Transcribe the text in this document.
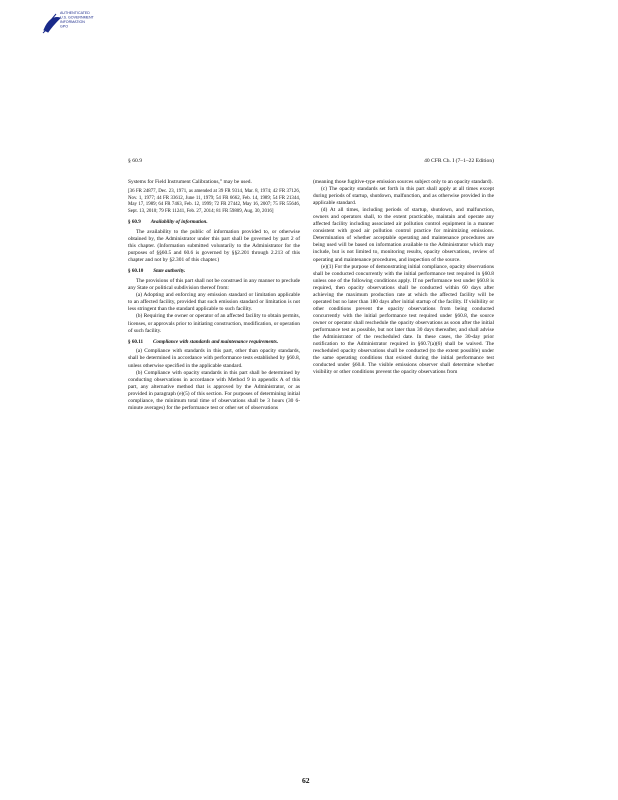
AUTHENTICATED
U.S. GOVERNMENT
INFORMATION
GPO
§ 60.9	40 CFR Ch. I (7–1–22 Edition)

Systems for Field Instrument Calibrations,” may be used.

[36 FR 24877, Dec. 23, 1971, as amended at 39 FR 9314, Mar. 8, 1974; 42 FR 37126, Nov. 1, 1977; 44 FR 33612, June 11, 1979; 54 FR 6662, Feb. 14, 1989; 54 FR 21344, May 17, 1989; 64 FR 7463, Feb. 12, 1999; 72 FR 27442, May 16, 2007; 75 FR 55646, Sept. 13, 2010; 79 FR 11241, Feb. 27, 2014; 81 FR 59809, Aug. 30, 2016]

§ 60.9 Availability of information.

The availability to the public of information provided to, or otherwise obtained by, the Administrator under this part shall be governed by part 2 of this chapter. (Information submitted voluntarily to the Administrator for the purposes of §§60.5 and 60.6 is governed by §§2.201 through 2.213 of this chapter and not by §2.301 of this chapter.)

§ 60.10 State authority.

The provisions of this part shall not be construed in any manner to preclude any State or political subdivision thereof from:

(a) Adopting and enforcing any emission standard or limitation applicable to an affected facility, provided that such emission standard or limitation is not less stringent than the standard applicable to such facility.

(b) Requiring the owner or operator of an affected facility to obtain permits, licenses, or approvals prior to initiating construction, modification, or operation of such facility.

§ 60.11 Compliance with standards and maintenance requirements.

(a) Compliance with standards in this part, other than opacity standards, shall be determined in accordance with performance tests established by §60.8, unless otherwise specified in the applicable standard.

(b) Compliance with opacity standards in this part shall be determined by conducting observations in accordance with Method 9 in appendix A of this part, any alternative method that is approved by the Administrator, or as provided in paragraph (e)(5) of this section. For purposes of determining initial compliance, the minimum total time of observations shall be 3 hours (30 6-minute averages) for the performance test or other set of observations

(meaning those fugitive-type emission sources subject only to an opacity standard).

(c) The opacity standards set forth in this part shall apply at all times except during periods of startup, shutdown, malfunction, and as otherwise provided in the applicable standard.

(d) At all times, including periods of startup, shutdown, and malfunction, owners and operators shall, to the extent practicable, maintain and operate any affected facility including associated air pollution control equipment in a manner consistent with good air pollution control practice for minimizing emissions. Determination of whether acceptable operating and maintenance procedures are being used will be based on information available to the Administrator which may include, but is not limited to, monitoring results, opacity observations, review of operating and maintenance procedures, and inspection of the source.

(e)(1) For the purpose of demonstrating initial compliance, opacity observations shall be conducted concurrently with the initial performance test required in §60.8 unless one of the following conditions apply. If no performance test under §60.8 is required, then opacity observations shall be conducted within 60 days after achieving the maximum production rate at which the affected facility will be operated but no later than 180 days after initial startup of the facility. If visibility or other conditions prevent the opacity observations from being conducted concurrently with the initial performance test required under §60.8, the source owner or operator shall reschedule the opacity observations as soon after the initial performance test as possible, but not later than 30 days thereafter, and shall advise the Administrator of the rescheduled date. In these cases, the 30-day prior notification to the Administrator required in §60.7(a)(6) shall be waived. The rescheduled opacity observations shall be conducted (to the extent possible) under the same operating conditions that existed during the initial performance test conducted under §60.8. The visible emissions observer shall determine whether visibility or other conditions prevent the opacity observations from

62
